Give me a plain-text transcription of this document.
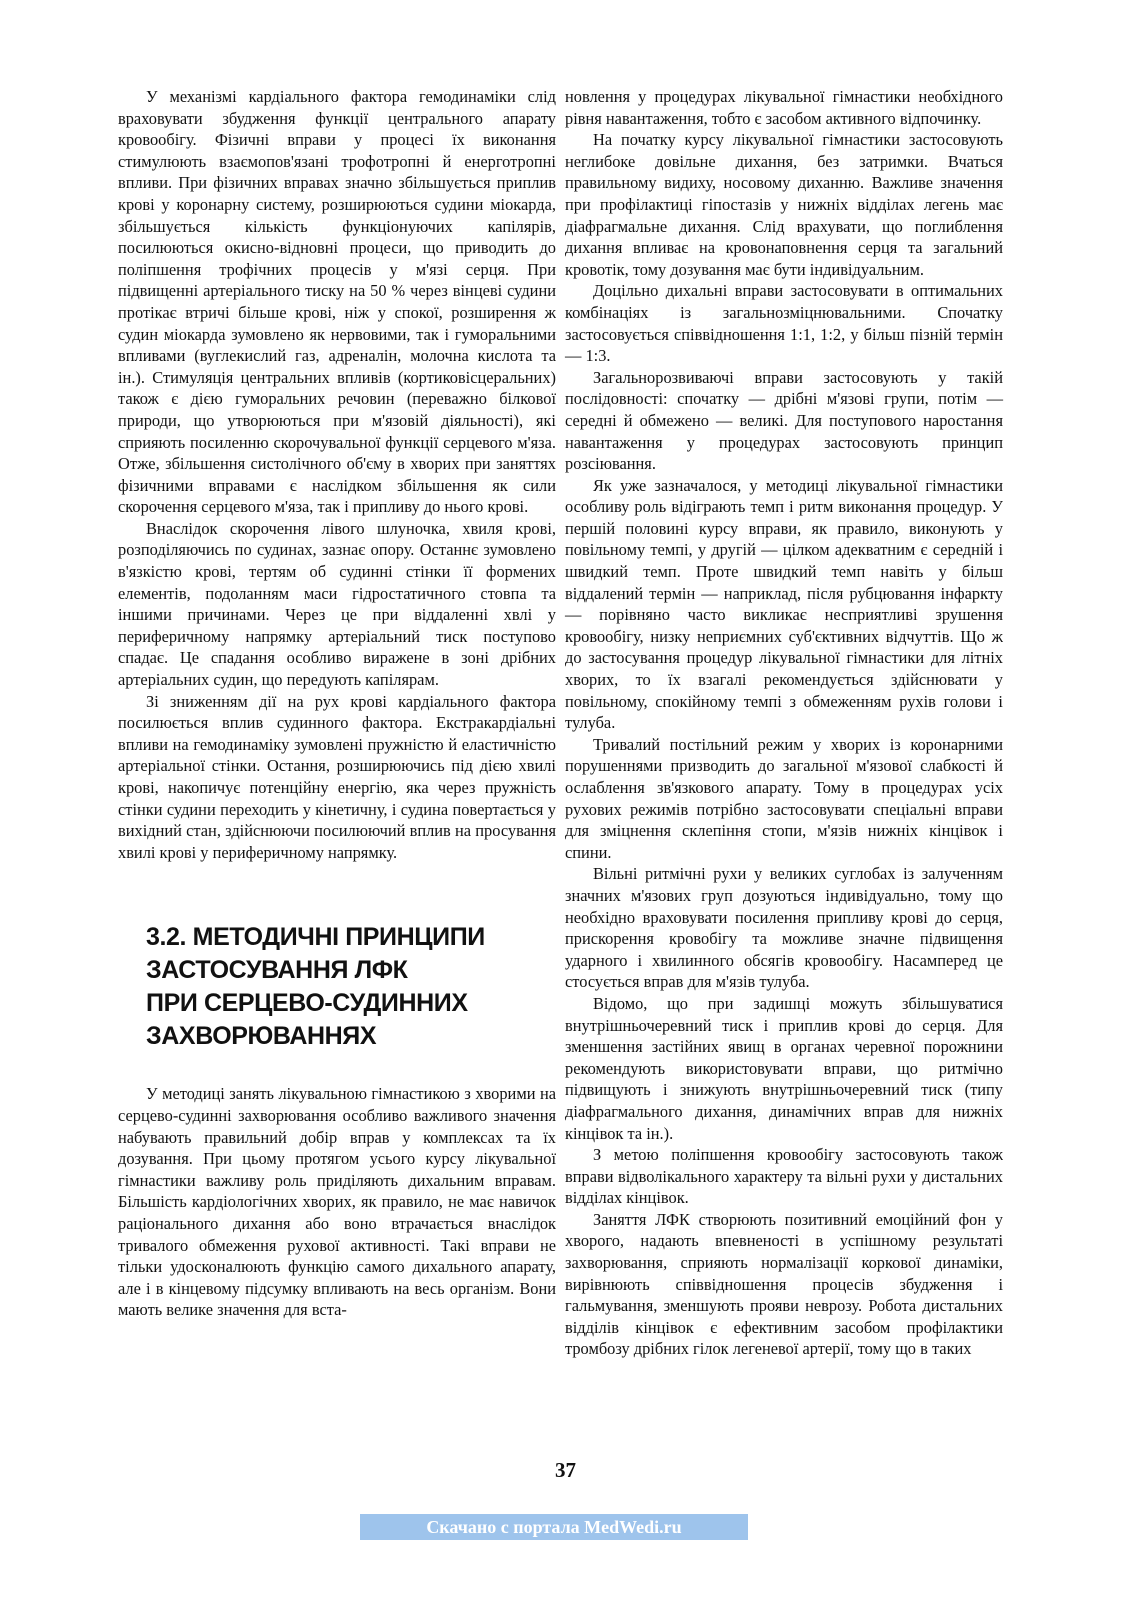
У механізмі кардіального фактора гемодинаміки слід враховувати збудження функції центрального апарату кровообігу. Фізичні вправи у процесі їх виконання стимулюють взаємопов'язані трофотропні й енерготропні впливи. При фізичних вправах значно збільшується приплив крові у коронарну систему, розширюються судини міокарда, збільшується кількість функціонуючих капілярів, посилюються окисно-відновні процеси, що приводить до поліпшення трофічних процесів у м'язі серця. При підвищенні артеріального тиску на 50 % через вінцеві судини протікає втричі більше крові, ніж у спокої, розширення ж судин міокарда зумовлено як нервовими, так і гуморальними впливами (вуглекислий газ, адреналін, молочна кислота та ін.). Стимуляція центральних впливів (кортиковісцеральних) також є дією гуморальних речовин (переважно білкової природи, що утворюються при м'язовій діяльності), які сприяють посиленню скорочувальної функції серцевого м'яза. Отже, збільшення систолічного об'єму в хворих при заняттях фізичними вправами є наслідком збільшення як сили скорочення серцевого м'яза, так і припливу до нього крові.

Внаслідок скорочення лівого шлуночка, хвиля крові, розподіляючись по судинах, зазнає опору. Останнє зумовлено в'язкістю крові, тертям об судинні стінки її формених елементів, подоланням маси гідростатичного стовпа та іншими причинами. Через це при віддаленні хвлі у периферичному напрямку артеріальний тиск поступово спадає. Це спадання особливо виражене в зоні дрібних артеріальних судин, що передують капілярам.

Зі зниженням дії на рух крові кардіального фактора посилюється вплив судинного фактора. Екстракардіальні впливи на гемодинаміку зумовлені пружністю й еластичністю артеріальної стінки. Остання, розширюючись під дією хвилі крові, накопичує потенційну енергію, яка через пружність стінки судини переходить у кінетичну, і судина повертається у вихідний стан, здійснюючи посилюючий вплив на просування хвилі крові у периферичному напрямку.

3.2. МЕТОДИЧНІ ПРИНЦИПИ
ЗАСТОСУВАННЯ ЛФК
ПРИ СЕРЦЕВО-СУДИННИХ
ЗАХВОРЮВАННЯХ

У методиці занять лікувальною гімнастикою з хворими на серцево-судинні захворювання особливо важливого значення набувають правильний добір вправ у комплексах та їх дозування. При цьому протягом усього курсу лікувальної гімнастики важливу роль приділяють дихальним вправам. Більшість кардіологічних хворих, як правило, не має навичок раціонального дихання або воно втрачається внаслідок тривалого обмеження рухової активності. Такі вправи не тільки удосконалюють функцію самого дихального апарату, але і в кінцевому підсумку впливають на весь організм. Вони мають велике значення для вста-

новлення у процедурах лікувальної гімнастики необхідного рівня навантаження, тобто є засобом активного відпочинку.

На початку курсу лікувальної гімнастики застосовують неглибоке довільне дихання, без затримки. Вчаться правильному видиху, носовому диханню. Важливе значення при профілактиці гіпостазів у нижніх відділах легень має діафрагмальне дихання. Слід врахувати, що поглиблення дихання впливає на кровонаповнення серця та загальний кровотік, тому дозування має бути індивідуальним.

Доцільно дихальні вправи застосовувати в оптимальних комбінаціях із загальнозміцнювальними. Спочатку застосовується співвідношення 1:1, 1:2, у більш пізній термін — 1:3.

Загальнорозвиваючі вправи застосовують у такій послідовності: спочатку — дрібні м'язові групи, потім — середні й обмежено — великі. Для поступового наростання навантаження у процедурах застосовують принцип розсіювання.

Як уже зазначалося, у методиці лікувальної гімнастики особливу роль відіграють темп і ритм виконання процедур. У першій половині курсу вправи, як правило, виконують у повільному темпі, у другій — цілком адекватним є середній і швидкий темп. Проте швидкий темп навіть у більш віддалений термін — наприклад, після рубцювання інфаркту — порівняно часто викликає несприятливі зрушення кровообігу, низку неприємних суб'єктивних відчуттів. Що ж до застосування процедур лікувальної гімнастики для літніх хворих, то їх взагалі рекомендується здійснювати у повільному, спокійному темпі з обмеженням рухів голови і тулуба.

Тривалий постільний режим у хворих із коронарними порушеннями призводить до загальної м'язової слабкості й ослаблення зв'язкового апарату. Тому в процедурах усіх рухових режимів потрібно застосовувати спеціальні вправи для зміцнення склепіння стопи, м'язів нижніх кінцівок і спини.

Вільні ритмічні рухи у великих суглобах із залученням значних м'язових груп дозуються індивідуально, тому що необхідно враховувати посилення припливу крові до серця, прискорення кровобігу та можливе значне підвищення ударного і хвилинного обсягів кровообігу. Насамперед це стосується вправ для м'язів тулуба.

Відомо, що при задишці можуть збільшуватися внутрішньочеревний тиск і приплив крові до серця. Для зменшення застійних явищ в органах черевної порожнини рекомендують використовувати вправи, що ритмічно підвищують і знижують внутрішньочеревний тиск (типу діафрагмального дихання, динамічних вправ для нижніх кінцівок та ін.).

З метою поліпшення кровообігу застосовують також вправи відволікального характеру та вільні рухи у дистальних відділах кінцівок.

Заняття ЛФК створюють позитивний емоційний фон у хворого, надають впевненості в успішному результаті захворювання, сприяють нормалізації коркової динаміки, вирівнюють співвідношення процесів збудження і гальмування, зменшують прояви неврозу. Робота дистальних відділів кінцівок є ефективним засобом профілактики тромбозу дрібних гілок легеневої артерії, тому що в таких

37
Скачано с портала MedWedi.ru
